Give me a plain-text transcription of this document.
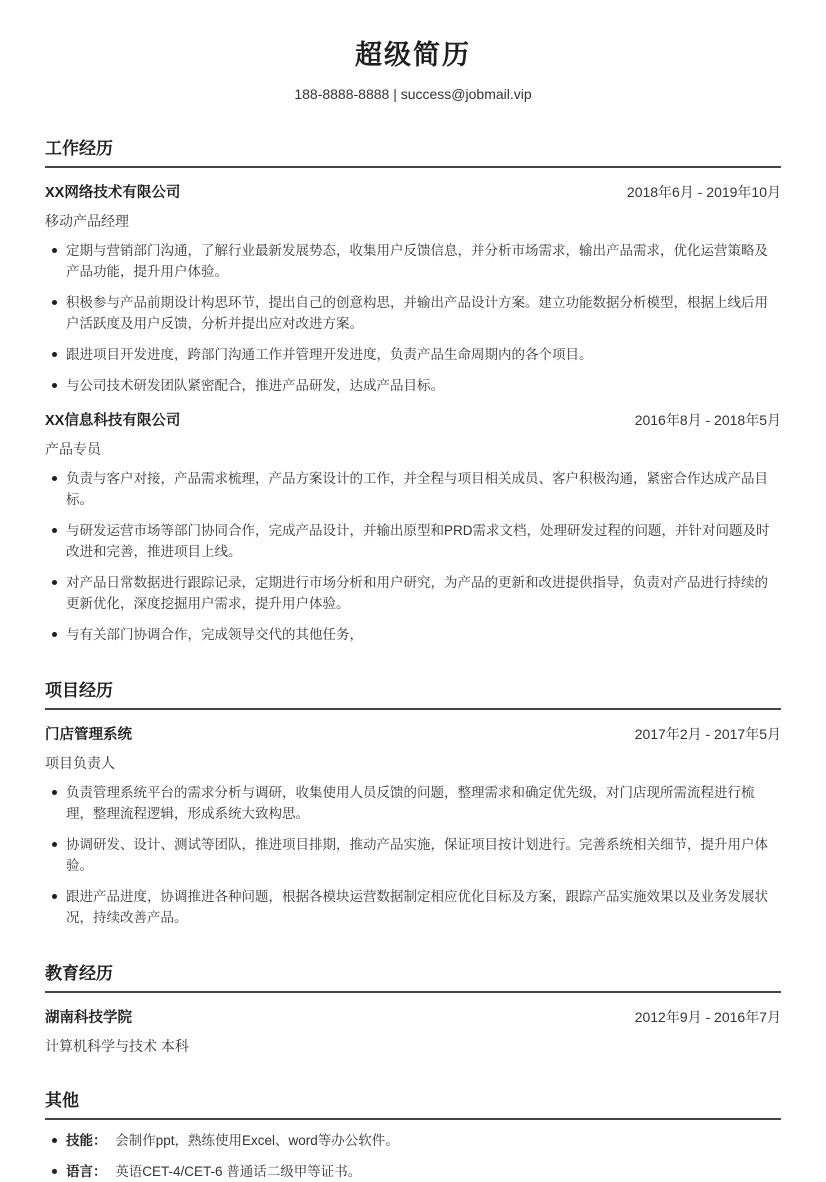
超级简历
188-8888-8888 | success@jobmail.vip
工作经历
XX网络技术有限公司	2018年6月 - 2019年10月
移动产品经理
定期与营销部门沟通，了解行业最新发展势态，收集用户反馈信息，并分析市场需求，输出产品需求，优化运营策略及产品功能，提升用户体验。
积极参与产品前期设计构思环节，提出自己的创意构思，并输出产品设计方案。建立功能数据分析模型，根据上线后用户活跃度及用户反馈，分析并提出应对改进方案。
跟进项目开发进度，跨部门沟通工作并管理开发进度，负责产品生命周期内的各个项目。
与公司技术研发团队紧密配合，推进产品研发，达成产品目标。
XX信息科技有限公司	2016年8月 - 2018年5月
产品专员
负责与客户对接，产品需求梳理，产品方案设计的工作，并全程与项目相关成员、客户积极沟通，紧密合作达成产品目标。
与研发运营市场等部门协同合作，完成产品设计，并输出原型和PRD需求文档，处理研发过程的问题，并针对问题及时改进和完善，推进项目上线。
对产品日常数据进行跟踪记录，定期进行市场分析和用户研究，为产品的更新和改进提供指导，负责对产品进行持续的更新优化，深度挖掘用户需求，提升用户体验。
与有关部门协调合作，完成领导交代的其他任务，
项目经历
门店管理系统	2017年2月 - 2017年5月
项目负责人
负责管理系统平台的需求分析与调研，收集使用人员反馈的问题，整理需求和确定优先级，对门店现所需流程进行梳理，整理流程逻辑，形成系统大致构思。
协调研发、设计、测试等团队，推进项目排期，推动产品实施，保证项目按计划进行。完善系统相关细节，提升用户体验。
跟进产品进度，协调推进各种问题，根据各模块运营数据制定相应优化目标及方案，跟踪产品实施效果以及业务发展状况，持续改善产品。
教育经历
湖南科技学院	2012年9月 - 2016年7月
计算机科学与技术 本科
其他
技能： 会制作ppt，熟练使用Excel、word等办公软件。
语言： 英语CET-4/CET-6 普通话二级甲等证书。
